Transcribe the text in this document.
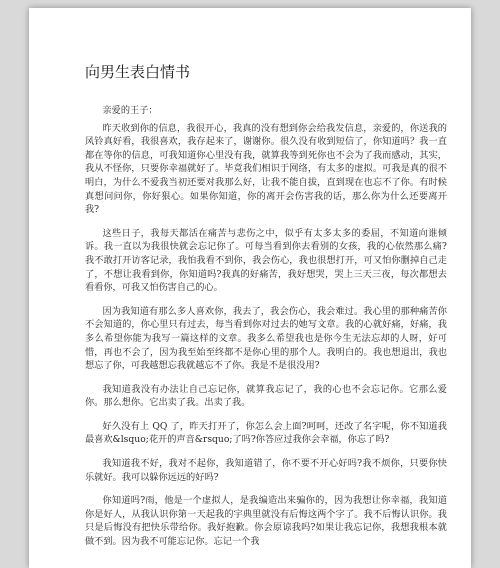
向男生表白情书

亲爱的王子：

昨天收到你的信息，我很开心，我真的没有想到你会给我发信息，亲爱的，你送我的风铃真好看，我很喜欢，我存起来了，谢谢你。很久没有收到短信了，你知道吗？我一直都在等你的信息，可我知道你心里没有我，就算我等到死你也不会为了我而感动，其实，我从不怪你，只要你幸福就好了。毕竟我们相识于网络，有太多的虚拟。可我是真的很不明白，为什么不爱我当初还要对我那么好，让我不能自拔，直到现在也忘不了你。有时候真想问问你，你好狠心。如果你知道，你的离开会伤害我的话，那么你为什么还要离开我?

这些日子，我每天都活在痛苦与悲伤之中，似乎有太多太多的委屈，不知道向谁倾诉。我一直以为我很快就会忘记你了。可每当看到你去看别的女孩，我的心依然那么痛?我不敢打开访客记录，我怕我看不到你，我会伤心，我也很想打开，可又怕你删掉自己走了，不想让我看到你，你知道吗?我真的好痛苦，我好想哭，哭上三天三夜，每次都想去看看你，可我又怕伤害自己的心。

因为我知道有那么多人喜欢你，我去了，我会伤心，我会难过。我心里的那种痛苦你不会知道的，你心里只有过去，每当看到你对过去的她写文章。我的心就好痛，好痛，我多么希望你能为我写一篇这样的文章。我多么希望我也是你今生无法忘却的人呀，好可惜，再也不会了，因为我至始至终都不是你心里的那个人。我明白的。我也想退出，我也想忘了你，可我越想忘我就越忘不了你。我是不是很没用?

我知道我没有办法让自己忘记你，就算我忘记了，我的心也不会忘记你。它那么爱你。那么想你。它出卖了我。出卖了我。

好久没有上 QQ 了，昨天打开了，你怎么会上面?呵呵，还改了名字呢，你不知道我最喜欢&lsquo;花开的声音&rsquo;了吗?你答应过我你会幸福，你忘了吗?

我知道我不好，我对不起你，我知道错了，你不要不开心好吗?我不烦你，只要你快乐就好。我可以躲你远远的好吗?

你知道吗?雨，他是一个虚拟人，是我编造出来骗你的，因为我想让你幸福，我知道你是好人，从我认识你第一天起我的宇典里就没有后悔这两个字了。我不后悔认识你。我只是后悔没有把快乐带给你。我好抱歉。你会原谅我吗?如果让我忘记你，我想我根本就做不到。因为我不可能忘记你。忘记一个我
